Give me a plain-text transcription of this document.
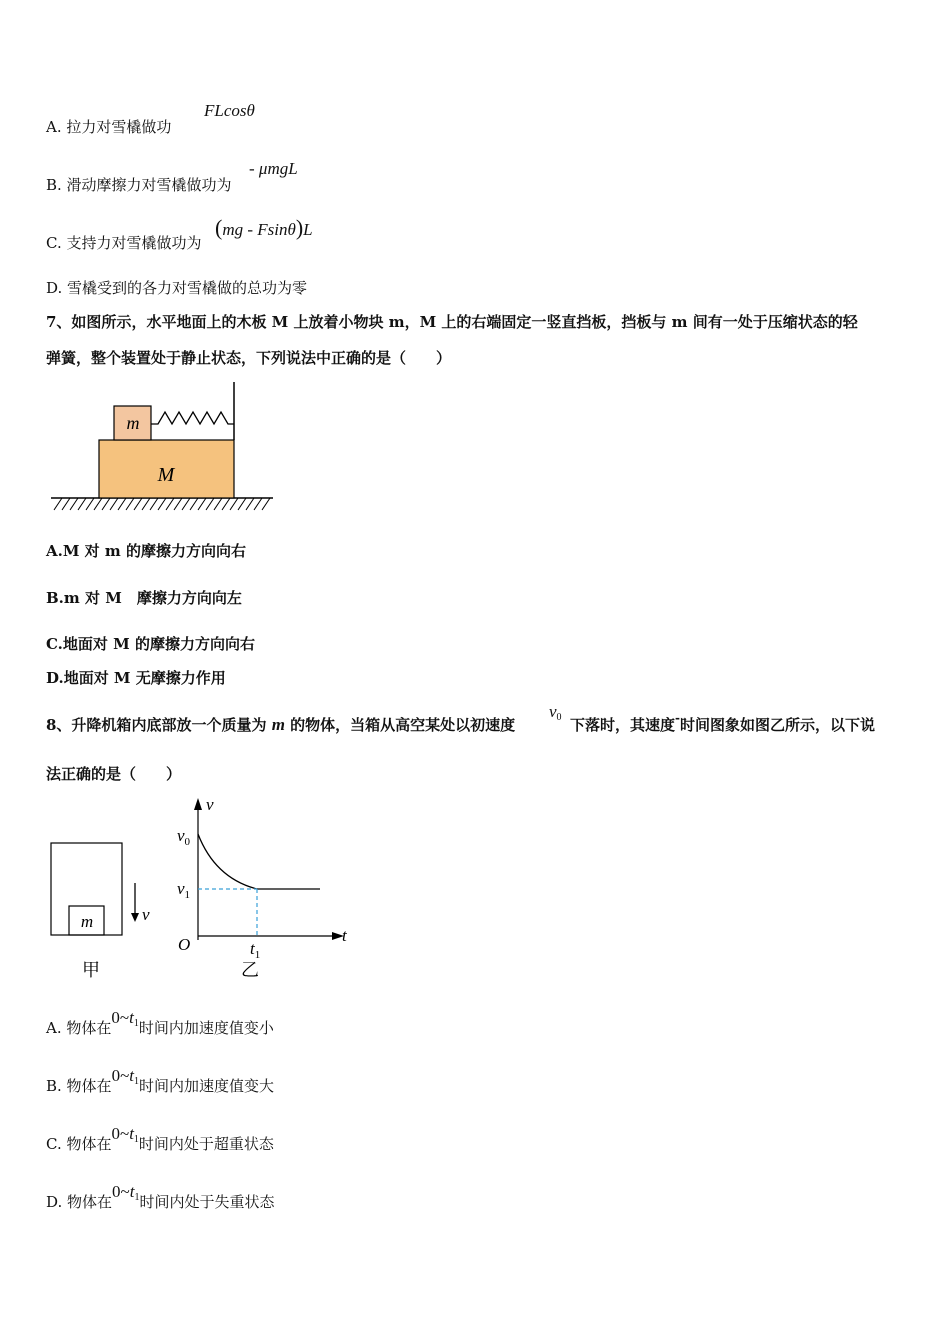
A. 拉力对雪橇做功
FLcosθ
B. 滑动摩擦力对雪橇做功为
- μmgL
C. 支持力对雪橇做功为
(mg - Fsinθ)L
D. 雪橇受到的各力对雪橇做的总功为零
7、如图所示，水平地面上的木板 M 上放着小物块 m，M 上的右端固定一竖直挡板，挡板与 m 间有一处于压缩状态的轻
弹簧，整个装置处于静止状态，下列说法中正确的是（　　）
M
m
A.M 对 m 的摩擦力方向向右
B.m 对 M　摩擦力方向向左
C.地面对 M 的摩擦力方向向右
D.地面对 M 无摩擦力作用
8、升降机箱内底部放一个质量为 m 的物体，当箱从高空某处以初速度
$v_0$ 下落时，其速度-时间图象如图乙所示，以下说
法正确的是（　　）
m	v
甲
v
t
O
$v_0$
$v_1$
$t_1$
乙
A. 物体在$0\sim t_1$时间内加速度值变小
B. 物体在$0\sim t_1$时间内加速度值变大
C. 物体在$0\sim t_1$时间内处于超重状态
D. 物体在$0\sim t_1$时间内处于失重状态
